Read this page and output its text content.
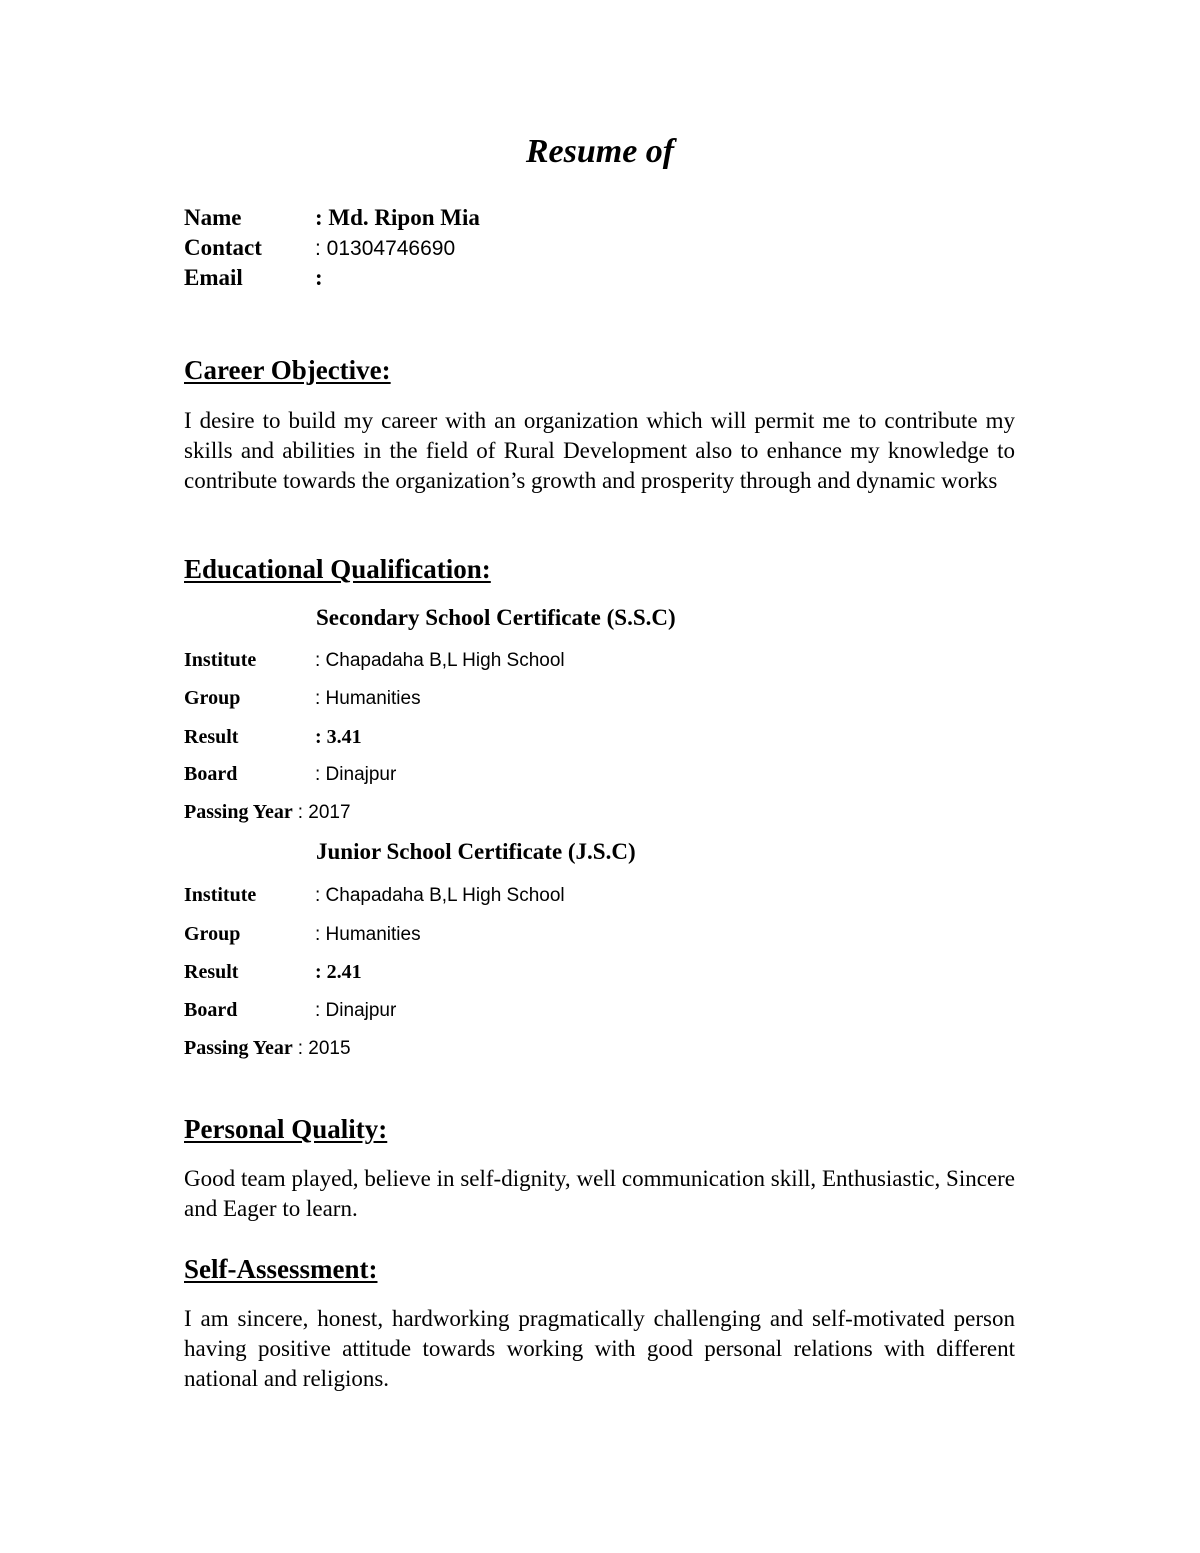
Resume of
Name	: Md. Ripon Mia
Contact	: 01304746690
Email	:
Career Objective:
I desire to build my career with an organization which will permit me to contribute my skills and abilities in the field of Rural Development also to enhance my knowledge to contribute towards the organization’s growth and prosperity through and dynamic works
Educational Qualification:
Secondary School Certificate (S.S.C)
Institute	: Chapadaha B,L High School
Group	: Humanities
Result	: 3.41
Board	: Dinajpur
Passing Year : 2017
Junior School Certificate (J.S.C)
Institute	: Chapadaha B,L High School
Group	: Humanities
Result	: 2.41
Board	: Dinajpur
Passing Year : 2015
Personal Quality:
Good team played, believe in self-dignity, well communication skill, Enthusiastic, Sincere and Eager to learn.
Self-Assessment:
I am sincere, honest, hardworking pragmatically challenging and self-motivated person having positive attitude towards working with good personal relations with different national and religions.
